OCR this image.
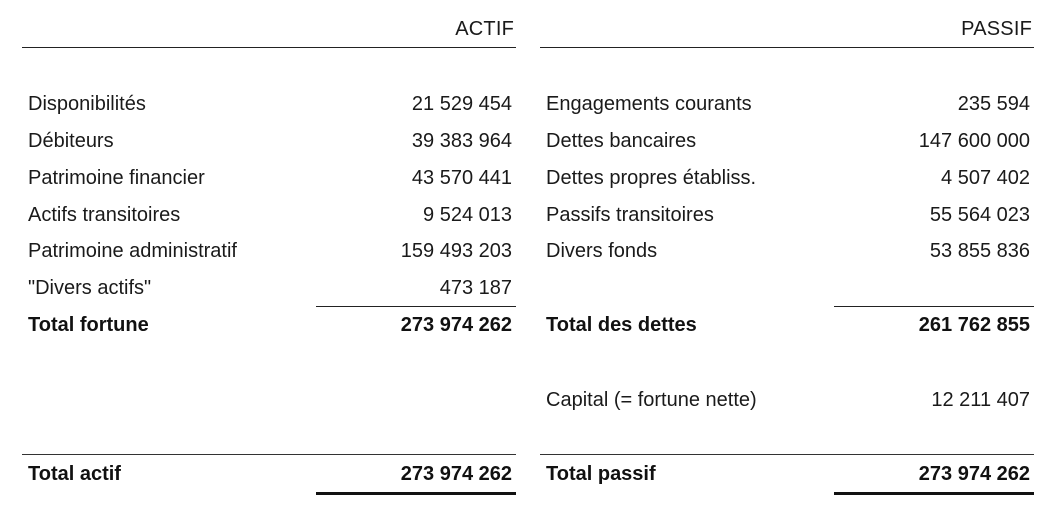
ACTIF
Disponibilités	21 529 454
Débiteurs	39 383 964
Patrimoine financier	43 570 441
Actifs transitoires	9 524 013
Patrimoine administratif	159 493 203
"Divers actifs"	473 187
Total fortune	273 974 262
Total actif	273 974 262
PASSIF
Engagements courants	235 594
Dettes bancaires	147 600 000
Dettes propres établiss.	4 507 402
Passifs transitoires	55 564 023
Divers fonds	53 855 836
Total des dettes	261 762 855
Capital (= fortune nette)	12 211 407
Total passif	273 974 262
